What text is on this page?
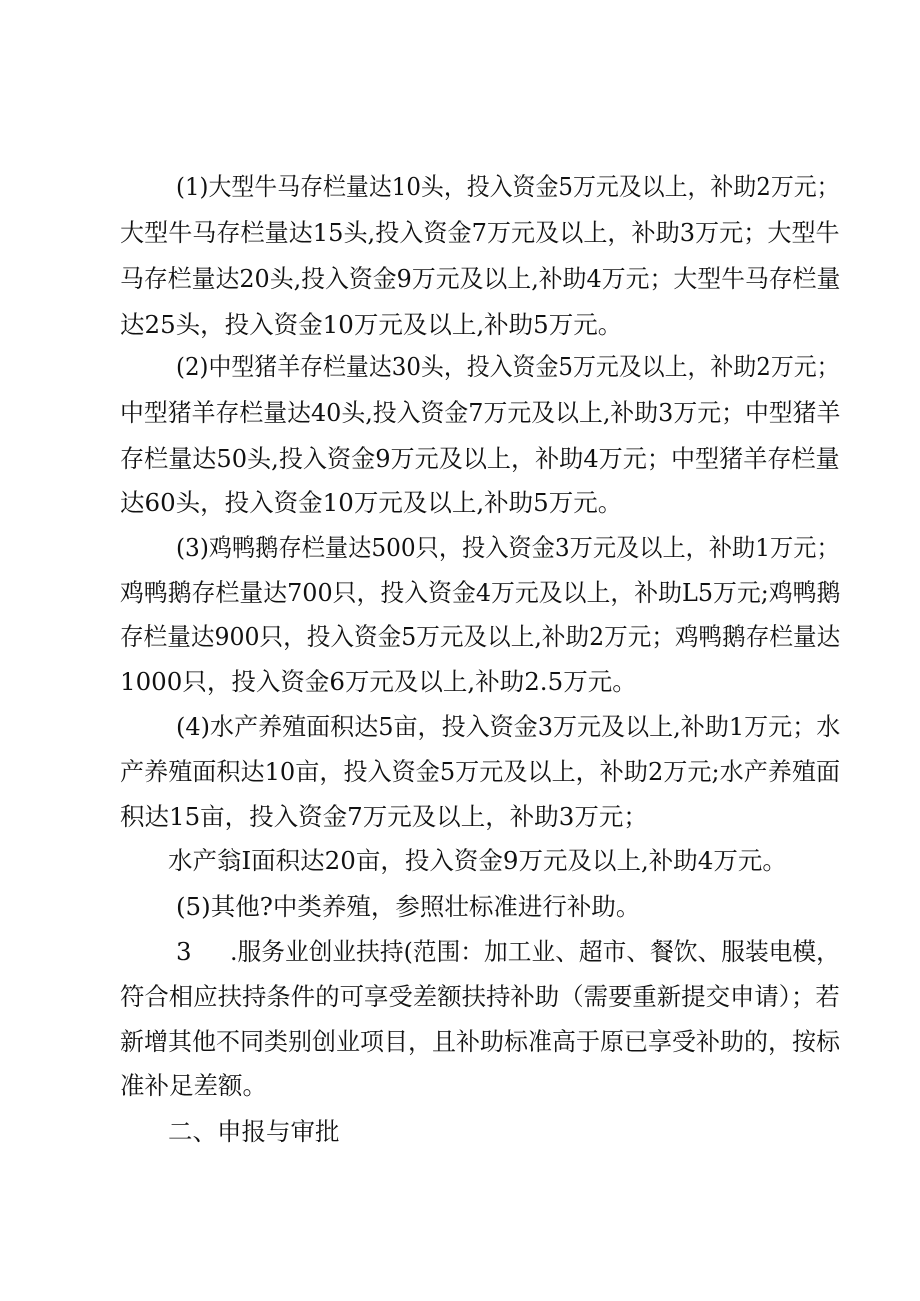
(1)大型牛马存栏量达10头，投入资金5万元及以上，补助2万元；
大型牛马存栏量达15头,投入资金7万元及以上，补助3万元；大型牛
马存栏量达20头,投入资金9万元及以上,补助4万元；大型牛马存栏量
达25头，投入资金10万元及以上,补助5万元。
(2)中型猪羊存栏量达30头，投入资金5万元及以上，补助2万元；
中型猪羊存栏量达40头,投入资金7万元及以上,补助3万元；中型猪羊
存栏量达50头,投入资金9万元及以上，补助4万元；中型猪羊存栏量
达60头，投入资金10万元及以上,补助5万元。
(3)鸡鸭鹅存栏量达500只，投入资金3万元及以上，补助1万元；
鸡鸭鹅存栏量达700只，投入资金4万元及以上，补助L5万元;鸡鸭鹅
存栏量达900只，投入资金5万元及以上,补助2万元；鸡鸭鹅存栏量达
1000只，投入资金6万元及以上,补助2.5万元。
(4)水产养殖面积达5亩，投入资金3万元及以上,补助1万元；水
产养殖面积达10亩，投入资金5万元及以上，补助2万元;水产养殖面
积达15亩，投入资金7万元及以上，补助3万元；
水产翁I面积达20亩，投入资金9万元及以上,补助4万元。
(5)其他?中类养殖，参照壮标准进行补助。
3 .服务业创业扶持(范围：加工业、超市、餐饮、服装电模，
符合相应扶持条件的可享受差额扶持补助（需要重新提交申请）；若
新增其他不同类别创业项目，且补助标准高于原已享受补助的，按标
准补足差额。
二、申报与审批
